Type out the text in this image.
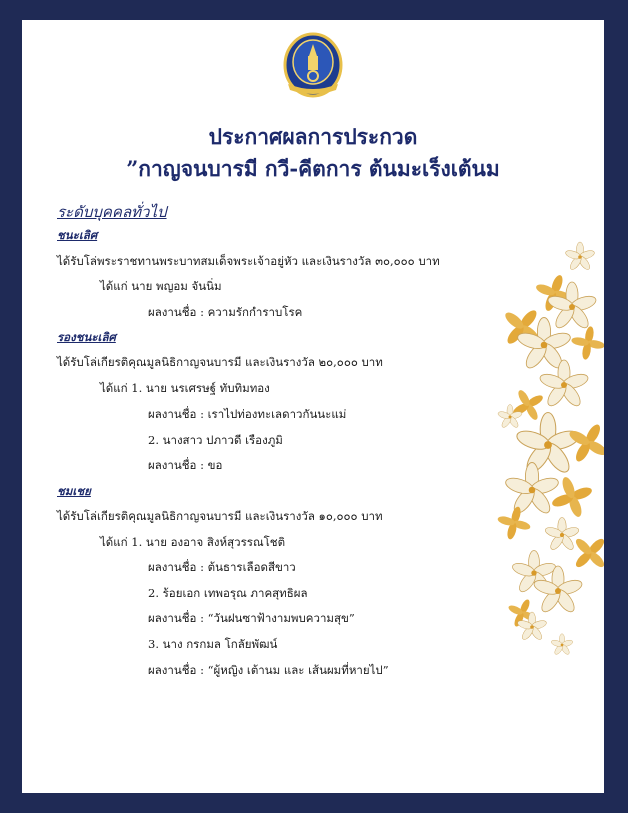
ประกาศผลการประกวด
”กาญจนบารมี กวี-คีตการ ต้นมะเร็งเต้นม
ระดับบุคคลทั่วไป
ชนะเลิศ
ได้รับโล่พระราชทานพระบาทสมเด็จพระเจ้าอยู่หัว และเงินรางวัล ๓๐,๐๐๐ บาท
ได้แก่ นาย พญอม จันนิ่ม
ผลงานชื่อ : ความรักกำราบโรค
รองชนะเลิศ
ได้รับโล่เกียรติคุณมูลนิธิกาญจนบารมี และเงินรางวัล ๒๐,๐๐๐ บาท
ได้แก่ 1. นาย นรเศรษฐ์ ทับทิมทอง
ผลงานชื่อ : เราไปท่องทะเลดาวกันนะแม่
2. นางสาว ปภาวดี เรืองภูมิ
ผลงานชื่อ : ขอ
ชมเชย
ได้รับโล่เกียรติคุณมูลนิธิกาญจนบารมี และเงินรางวัล ๑๐,๐๐๐ บาท
ได้แก่ 1. นาย องอาจ สิงห์สุวรรณโชติ
ผลงานชื่อ : ต้นธารเลือดสีขาว
2. ร้อยเอก เทพอรุณ ภาคสุทธิผล
ผลงานชื่อ : “วันฝนซาฟ้างามพบความสุข”
3. นาง กรกมล โกลัยพัฒน์
ผลงานชื่อ : “ผู้หญิง เต้านม และ เส้นผมที่หายไป”
